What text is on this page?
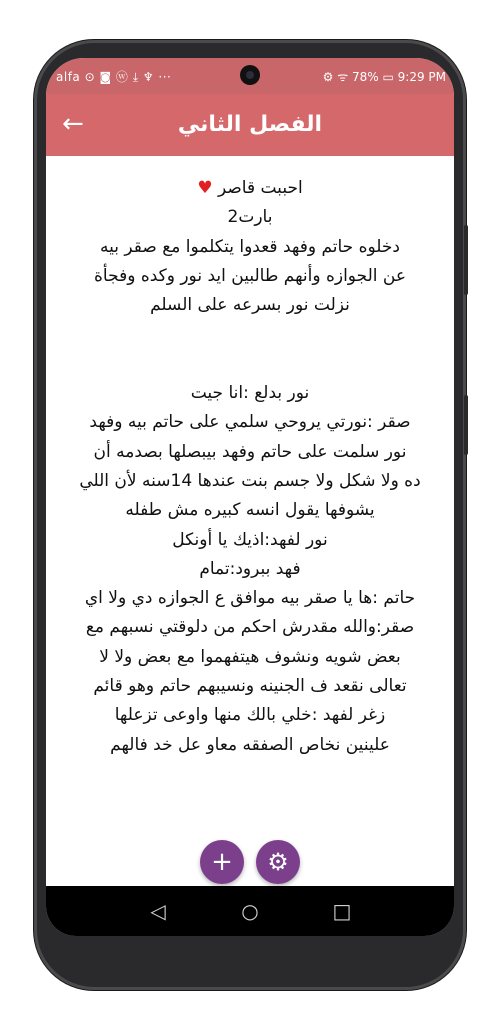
alfa ⊙ ◙ ⓦ ⤓ ♆ ···	⚙ ᯤ 78% ▭ 9:29 PM
←	الفصل الثاني

احببت قاصر ♥

بارت2

دخلوه حاتم وفهد قعدوا يتكلموا مع صقر بيه

عن الجوازه وأنهم طالبين ايد نور وكده وفجأة

نزلت نور بسرعه على السلم

نور بدلع :انا جيت

صقر :نورتي يروحي سلمي على حاتم بيه وفهد

نور سلمت على حاتم وفهد بيبصلها بصدمه أن

ده ولا شكل ولا جسم بنت عندها 14سنه لأن اللي

يشوفها يقول انسه كبيره مش طفله

نور لفهد:اذيك يا أونكل

فهد ببرود:تمام

حاتم :ها يا صقر بيه موافق ع الجوازه دي ولا اي

صقر:والله مقدرش احكم من دلوقتي نسبهم مع

بعض شويه ونشوف هيتفهموا مع بعض ولا لا

تعالى نقعد ف الجنينه ونسيبهم حاتم وهو قائم

زغر لفهد :خلي بالك منها واوعى تزعلها

علينين نخاص الصفقه معاو عل خد فالهم

+	⚙
◁	○	□
